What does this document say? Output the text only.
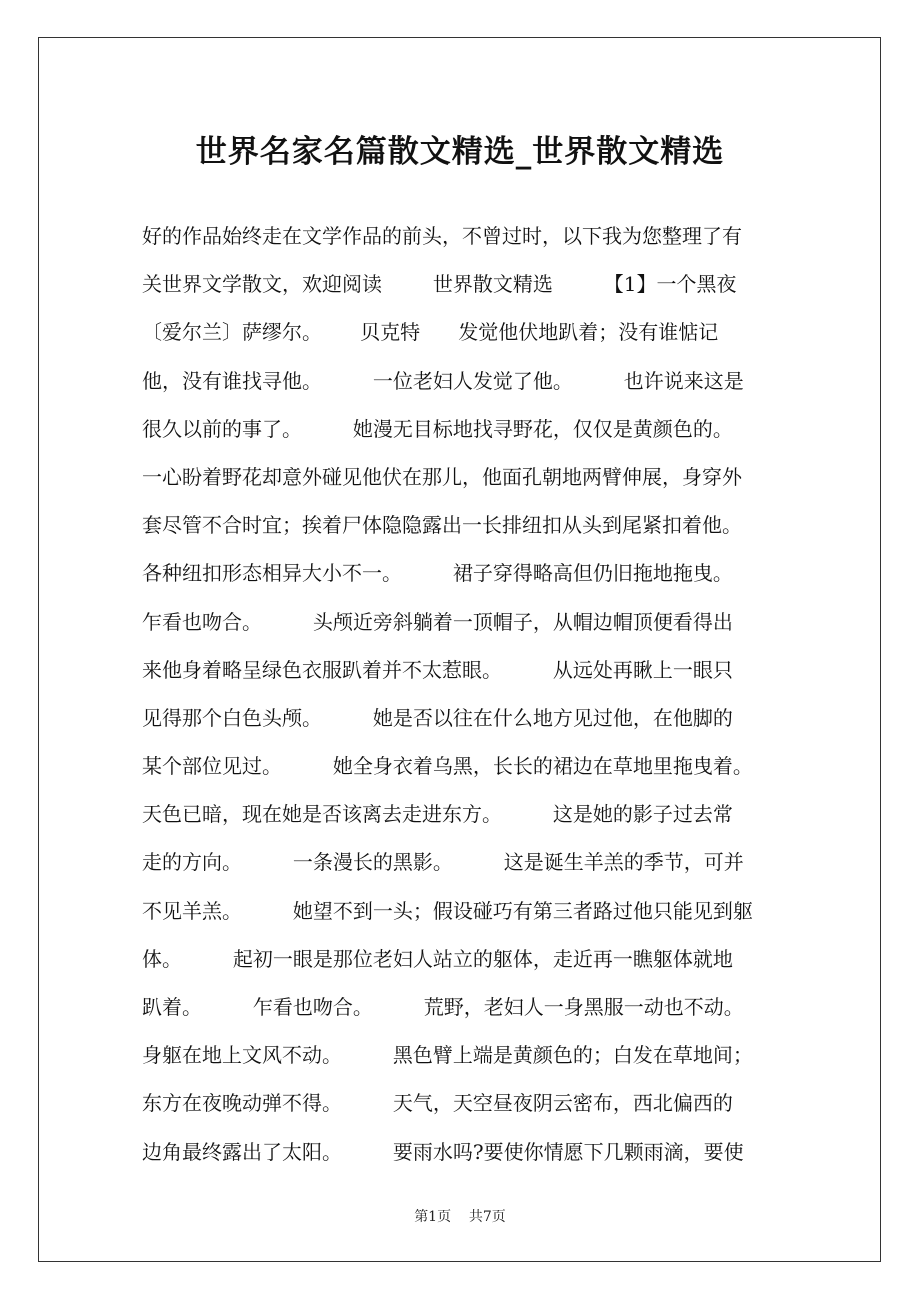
世界名家名篇散文精选_世界散文精选
好的作品始终走在文学作品的前头，不曾过时，以下我为您整理了有
关世界文学散文，欢迎阅读        世界散文精选        【1】一个黑夜
〔爱尔兰〕萨缪尔。      贝克特      发觉他伏地趴着；没有谁惦记
他，没有谁找寻他。        一位老妇人发觉了他。        也许说来这是
很久以前的事了。        她漫无目标地找寻野花，仅仅是黄颜色的。
一心盼着野花却意外碰见他伏在那儿，他面孔朝地两臂伸展，身穿外
套尽管不合时宜；挨着尸体隐隐露出一长排纽扣从头到尾紧扣着他。
各种纽扣形态相异大小不一。        裙子穿得略高但仍旧拖地拖曳。
乍看也吻合。        头颅近旁斜躺着一顶帽子，从帽边帽顶便看得出
来他身着略呈绿色衣服趴着并不太惹眼。        从远处再瞅上一眼只
见得那个白色头颅。        她是否以往在什么地方见过他，在他脚的
某个部位见过。        她全身衣着乌黑，长长的裙边在草地里拖曳着。
天色已暗，现在她是否该离去走进东方。        这是她的影子过去常
走的方向。        一条漫长的黑影。        这是诞生羊羔的季节，可并
不见羊羔。        她望不到一头；假设碰巧有第三者路过他只能见到躯
体。        起初一眼是那位老妇人站立的躯体，走近再一瞧躯体就地
趴着。        乍看也吻合。        荒野，老妇人一身黑服一动也不动。
身躯在地上文风不动。        黑色臂上端是黄颜色的；白发在草地间；
东方在夜晚动弹不得。        天气，天空昼夜阴云密布，西北偏西的
边角最终露出了太阳。        要雨水吗?要使你情愿下几颗雨滴，要使
第1页    共7页
